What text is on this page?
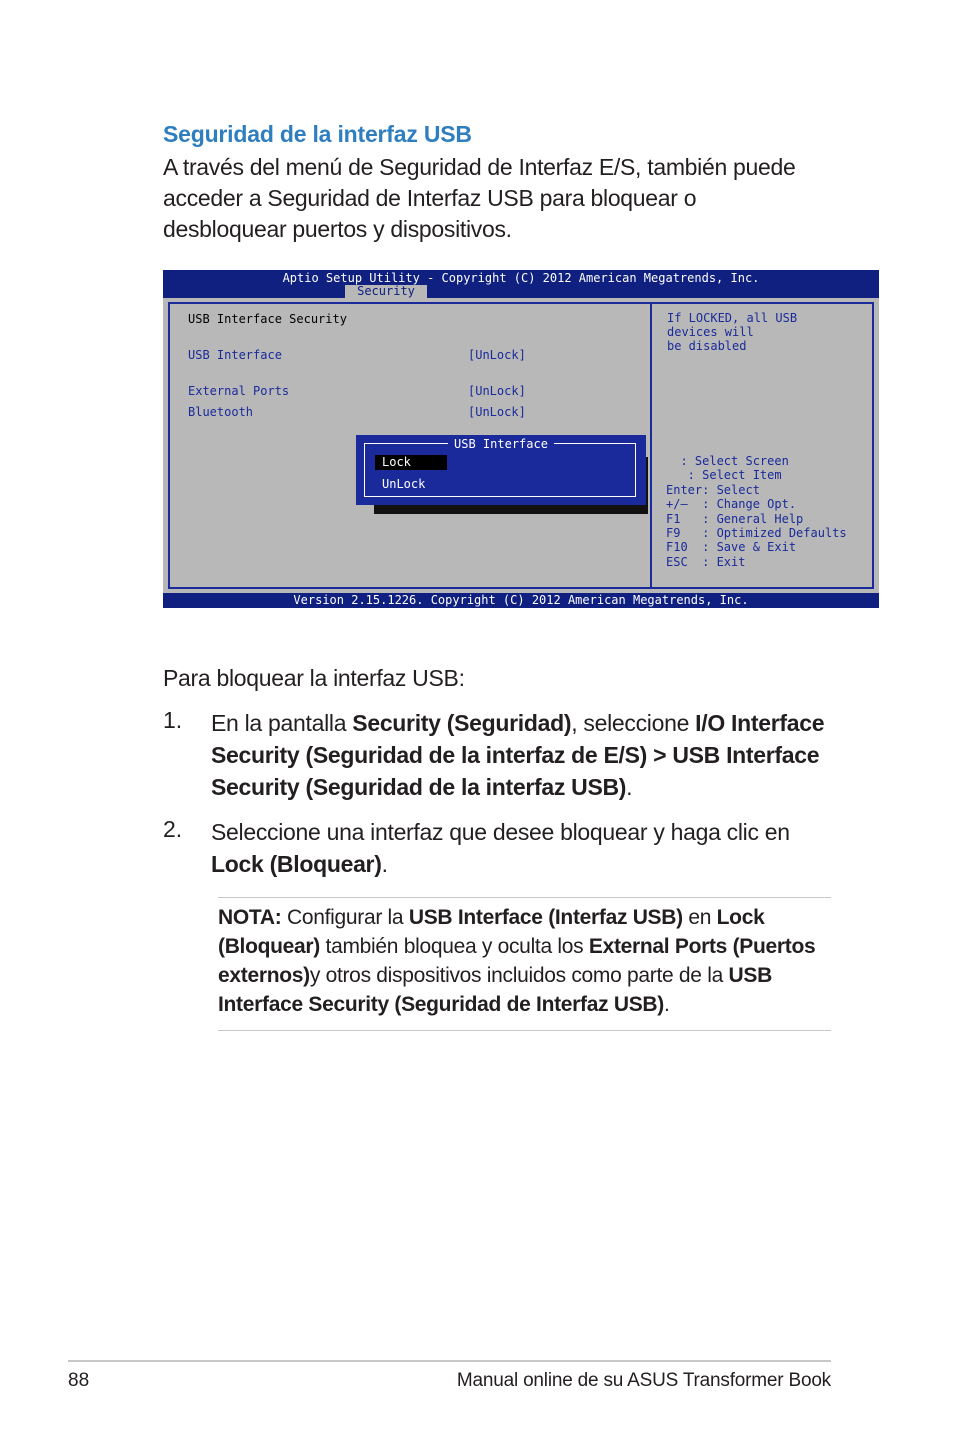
Seguridad de la interfaz USB
A través del menú de Seguridad de Interfaz E/S, también puede acceder a Seguridad de Interfaz USB para bloquear o desbloquear puertos y dispositivos.
Aptio Setup Utility - Copyright (C) 2012 American Megatrends, Inc.
Security
USB Interface Security
USB Interface	[UnLock]
External Ports	[UnLock]
Bluetooth	[UnLock]
If LOCKED, all USB
devices will
be disabled
: Select Screen
: Select Item
Enter: Select
+/—  : Change Opt.
F1   : General Help
F9   : Optimized Defaults
F10  : Save & Exit
ESC  : Exit
USB Interface
Lock
UnLock
Version 2.15.1226. Copyright (C) 2012 American Megatrends, Inc.
Para bloquear la interfaz USB:
1. En la pantalla Security (Seguridad), seleccione I/O Interface Security (Seguridad de la interfaz de E/S) > USB Interface Security (Seguridad de la interfaz USB).
2. Seleccione una interfaz que desee bloquear y haga clic en Lock (Bloquear).
NOTA: Configurar la USB Interface (Interfaz USB) en Lock (Bloquear) también bloquea y oculta los External Ports (Puertos externos)y otros dispositivos incluidos como parte de la USB Interface Security (Seguridad de Interfaz USB).
88	Manual online de su ASUS Transformer Book
